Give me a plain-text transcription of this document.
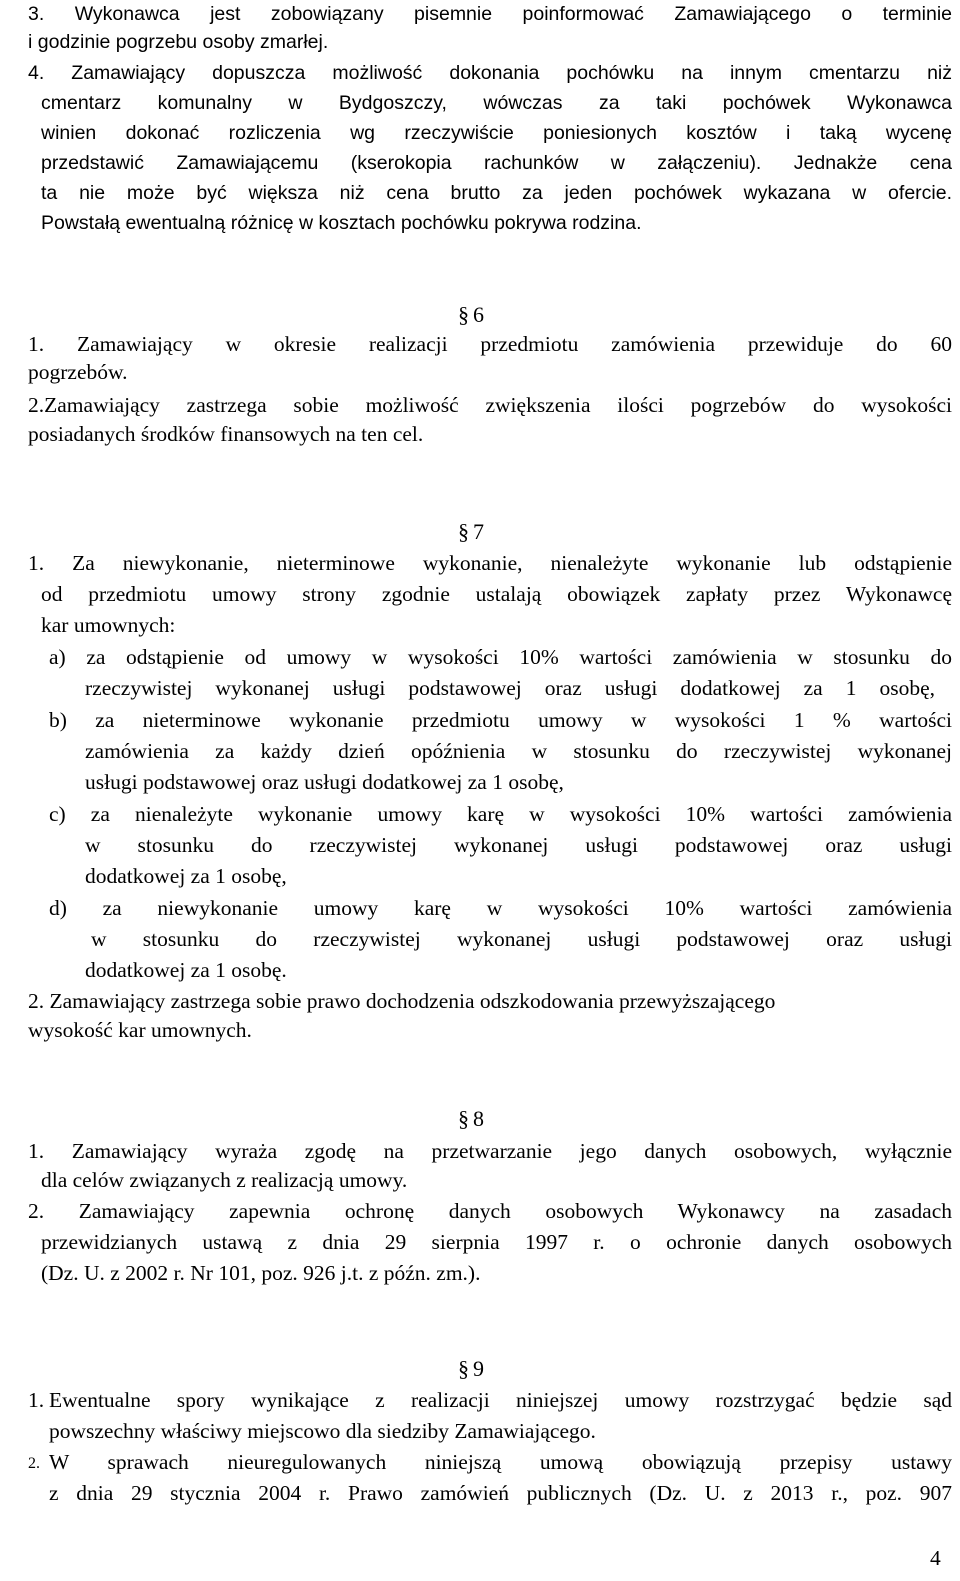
3. Wykonawca jest zobowiązany pisemnie poinformować Zamawiającego o terminie
i godzinie pogrzebu osoby zmarłej.
4. Zamawiający dopuszcza możliwość dokonania pochówku na innym cmentarzu niż
cmentarz komunalny w Bydgoszczy, wówczas za taki pochówek Wykonawca
winien dokonać rozliczenia wg rzeczywiście poniesionych kosztów i taką wycenę
przedstawić Zamawiającemu (kserokopia rachunków w załączeniu). Jednakże cena
ta nie może być większa niż cena brutto za jeden pochówek wykazana w ofercie.
Powstałą ewentualną różnicę w kosztach pochówku pokrywa rodzina.
§ 6
1. Zamawiający w okresie realizacji przedmiotu zamówienia przewiduje do 60
pogrzebów.
2.Zamawiający zastrzega sobie możliwość zwiększenia ilości pogrzebów do wysokości
posiadanych środków finansowych na ten cel.
§ 7
1. Za niewykonanie, nieterminowe wykonanie, nienależyte wykonanie lub odstąpienie
od przedmiotu umowy strony zgodnie ustalają obowiązek zapłaty przez Wykonawcę
kar umownych:
a) za odstąpienie od umowy w wysokości 10% wartości zamówienia w stosunku do
rzeczywistej wykonanej usługi podstawowej oraz usługi dodatkowej za 1 osobę,
b) za nieterminowe wykonanie przedmiotu umowy w wysokości 1 % wartości
zamówienia za każdy dzień opóźnienia w stosunku do rzeczywistej wykonanej
usługi podstawowej oraz usługi dodatkowej za 1 osobę,
c) za nienależyte wykonanie umowy karę w wysokości 10% wartości zamówienia
w stosunku do rzeczywistej wykonanej usługi podstawowej oraz usługi
dodatkowej za 1 osobę,
d) za niewykonanie umowy karę w wysokości 10% wartości zamówienia
w stosunku do rzeczywistej wykonanej usługi podstawowej oraz usługi
dodatkowej za 1 osobę.
2. Zamawiający zastrzega sobie prawo dochodzenia odszkodowania przewyższającego
wysokość kar umownych.
§ 8
1. Zamawiający wyraża zgodę na przetwarzanie jego danych osobowych, wyłącznie
dla celów związanych z realizacją umowy.
2. Zamawiający zapewnia ochronę danych osobowych Wykonawcy na zasadach
przewidzianych ustawą z dnia 29 sierpnia 1997 r. o ochronie danych osobowych
(Dz. U. z 2002 r. Nr 101, poz. 926 j.t. z późn. zm.).
§ 9
1. Ewentualne spory wynikające z realizacji niniejszej umowy rozstrzygać będzie sąd
powszechny właściwy miejscowo dla siedziby Zamawiającego.
2. W sprawach nieuregulowanych niniejszą umową obowiązują przepisy ustawy
z dnia 29 stycznia 2004 r. Prawo zamówień publicznych (Dz. U. z 2013 r., poz. 907
4
